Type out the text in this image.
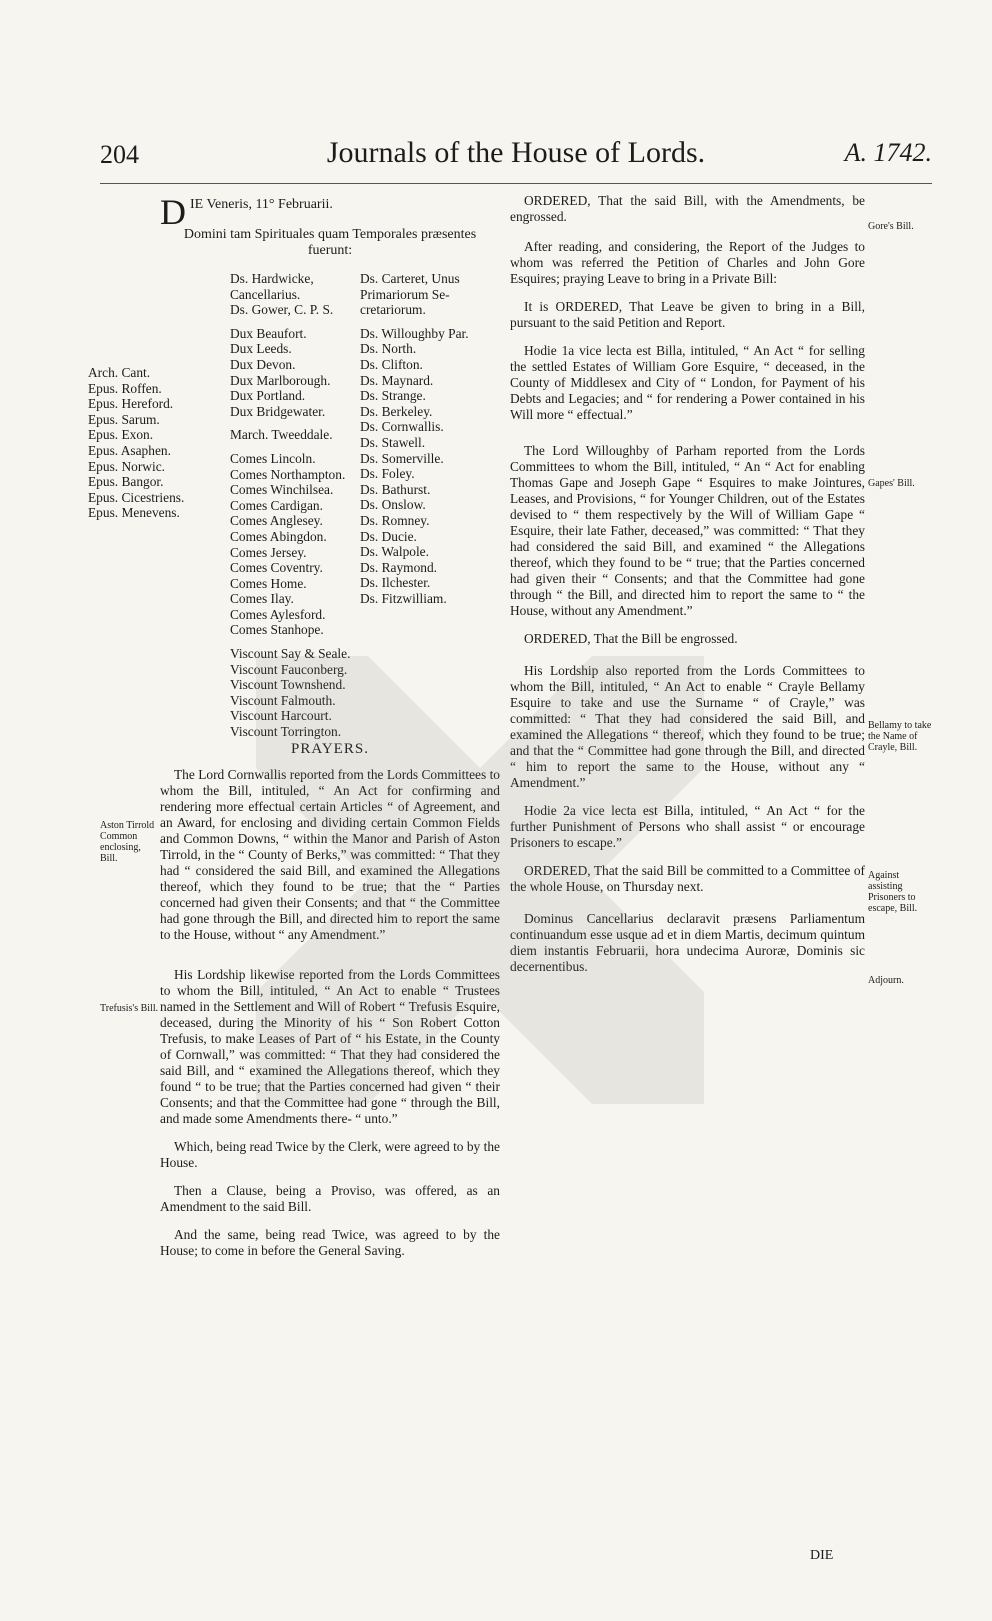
204	Journals of the House of Lords.	A. 1742.
D IE Veneris, 11° Februarii.
Domini tam Spirituales quam Temporales præsentes fuerunt:
Arch. Cant.
Epus. Roffen.
Epus. Hereford.
Epus. Sarum.
Epus. Exon.
Epus. Asaphen.
Epus. Norwic.
Epus. Bangor.
Epus. Cicestriens.
Epus. Menevens.
Ds. Hardwicke,
Cancellarius.
Ds. Gower, C. P. S.
Dux Beaufort.
Dux Leeds.
Dux Devon.
Dux Marlborough.
Dux Portland.
Dux Bridgewater.
March. Tweeddale.
Comes Lincoln.
Comes Northampton.
Comes Winchilsea.
Comes Cardigan.
Comes Anglesey.
Comes Abingdon.
Comes Jersey.
Comes Coventry.
Comes Home.
Comes Ilay.
Comes Aylesford.
Comes Stanhope.
Viscount Say & Seale.
Viscount Fauconberg.
Viscount Townshend.
Viscount Falmouth.
Viscount Harcourt.
Viscount Torrington.
Ds. Carteret, Unus
Primariorum Se-
cretariorum.
Ds. Willoughby Par.
Ds. North.
Ds. Clifton.
Ds. Maynard.
Ds. Strange.
Ds. Berkeley.
Ds. Cornwallis.
Ds. Stawell.
Ds. Somerville.
Ds. Foley.
Ds. Bathurst.
Ds. Onslow.
Ds. Romney.
Ds. Ducie.
Ds. Walpole.
Ds. Raymond.
Ds. Ilchester.
Ds. Fitzwilliam.
PRAYERS.

The Lord Cornwallis reported from the Lords Committees to whom the Bill, intituled, “ An Act for confirming and rendering more effectual certain Articles “ of Agreement, and an Award, for enclosing and dividing certain Common Fields and Common Downs, “ within the Manor and Parish of Aston Tirrold, in the “ County of Berks,” was committed: “ That they had “ considered the said Bill, and examined the Allegations thereof, which they found to be true; that the “ Parties concerned had given their Consents; and that “ the Committee had gone through the Bill, and directed him to report the same to the House, without “ any Amendment.”

His Lordship likewise reported from the Lords Committees to whom the Bill, intituled, “ An Act to enable “ Trustees named in the Settlement and Will of Robert “ Trefusis Esquire, deceased, during the Minority of his “ Son Robert Cotton Trefusis, to make Leases of Part of “ his Estate, in the County of Cornwall,” was committed: “ That they had considered the said Bill, and “ examined the Allegations thereof, which they found “ to be true; that the Parties concerned had given “ their Consents; and that the Committee had gone “ through the Bill, and made some Amendments there- “ unto.”

Which, being read Twice by the Clerk, were agreed to by the House.

Then a Clause, being a Proviso, was offered, as an Amendment to the said Bill.

And the same, being read Twice, was agreed to by the House; to come in before the General Saving.

ORDERED, That the said Bill, with the Amendments, be engrossed.

After reading, and considering, the Report of the Judges to whom was referred the Petition of Charles and John Gore Esquires; praying Leave to bring in a Private Bill:

It is ORDERED, That Leave be given to bring in a Bill, pursuant to the said Petition and Report.

Hodie 1a vice lecta est Billa, intituled, “ An Act “ for selling the settled Estates of William Gore Esquire, “ deceased, in the County of Middlesex and City of “ London, for Payment of his Debts and Legacies; and “ for rendering a Power contained in his Will more “ effectual.”

The Lord Willoughby of Parham reported from the Lords Committees to whom the Bill, intituled, “ An “ Act for enabling Thomas Gape and Joseph Gape “ Esquires to make Jointures, Leases, and Provisions, “ for Younger Children, out of the Estates devised to “ them respectively by the Will of William Gape “ Esquire, their late Father, deceased,” was committed: “ That they had considered the said Bill, and examined “ the Allegations thereof, which they found to be “ true; that the Parties concerned had given their “ Consents; and that the Committee had gone through “ the Bill, and directed him to report the same to “ the House, without any Amendment.”

ORDERED, That the Bill be engrossed.

His Lordship also reported from the Lords Committees to whom the Bill, intituled, “ An Act to enable “ Crayle Bellamy Esquire to take and use the Surname “ of Crayle,” was committed: “ That they had considered the said Bill, and examined the Allegations “ thereof, which they found to be true; and that the “ Committee had gone through the Bill, and directed “ him to report the same to the House, without any “ Amendment.”

Hodie 2a vice lecta est Billa, intituled, “ An Act “ for the further Punishment of Persons who shall assist “ or encourage Prisoners to escape.”

ORDERED, That the said Bill be committed to a Committee of the whole House, on Thursday next.

Dominus Cancellarius declaravit præsens Parliamentum continuandum esse usque ad et in diem Martis, decimum quintum diem instantis Februarii, hora undecima Auroræ, Dominis sic decernentibus.

Aston Tirrold Common enclosing, Bill.
Trefusis's Bill.
Gore's Bill.
Gapes' Bill.
Bellamy to take the Name of Crayle, Bill.
Against assisting Prisoners to escape, Bill.
Adjourn.
DIE
